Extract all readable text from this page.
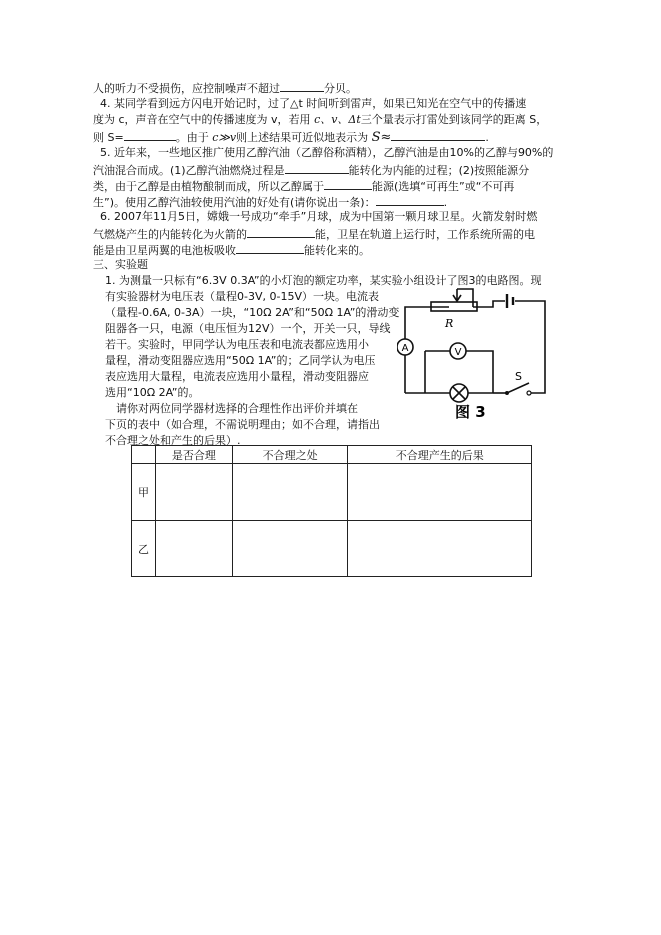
人的听力不受损伤，应控制噪声不超过	分贝。
4. 某同学看到远方闪电开始记时，过了△t 时间听到雷声，如果已知光在空气中的传播速
度为 c，声音在空气中的传播速度为 v，若用 c、v、Δt三个量表示打雷处到该同学的距离 S，
则 S=	。由于 c≫v则上述结果可近似地表示为 S≈	.
5. 近年来，一些地区推广使用乙醇汽油（乙醇俗称酒精），乙醇汽油是由10%的乙醇与90%的
汽油混合而成。(1)乙醇汽油燃烧过程是	能转化为内能的过程；(2)按照能源分
类，由于乙醇是由植物酿制而成，所以乙醇属于	能源(选填“可再生”或“不可再
生”)。使用乙醇汽油较使用汽油的好处有(请你说出一条)：	.
6. 2007年11月5日，嫦娥一号成功“牵手”月球，成为中国第一颗月球卫星。火箭发射时燃
气燃烧产生的内能转化为火箭的	能，卫星在轨道上运行时，工作系统所需的电
能是由卫星两翼的电池板吸收	能转化来的。
三、实验题
1. 为测量一只标有“6.3V 0.3A”的小灯泡的额定功率，某实验小组设计了图3的电路图。现
有实验器材为电压表（量程0-3V, 0-15V）一块。电流表
（量程-0.6A, 0-3A）一块，“10Ω 2A”和“50Ω 1A”的滑动变
阻器各一只，电源（电压恒为12V）一个，开关一只，导线
若干。实验时，甲同学认为电压表和电流表都应选用小
量程，滑动变阻器应选用“50Ω 1A”的；乙同学认为电压
表应选用大量程，电流表应选用小量程，滑动变阻器应
选用“10Ω 2A”的。
请你对两位同学器材选择的合理性作出评价并填在
下页的表中（如合理，不需说明理由；如不合理，请指出
不合理之处和产生的后果）.
A	V
R
S
图 3
	是否合理	不合理之处	不合理产生的后果
甲			
乙			
